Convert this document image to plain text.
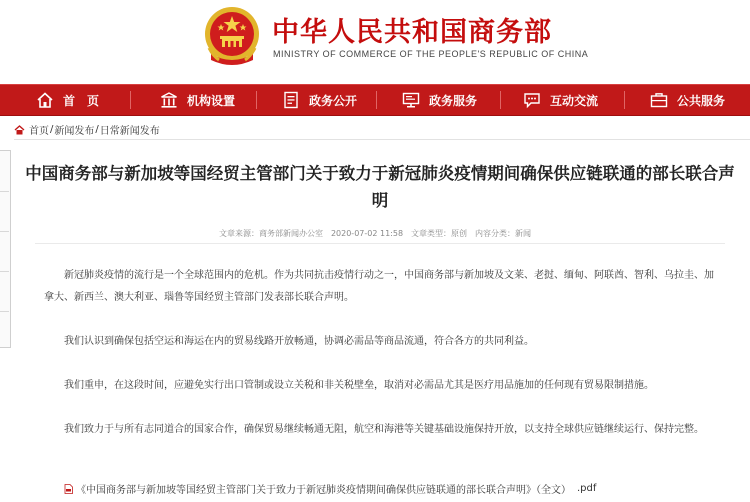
中华人民共和国商务部
MINISTRY OF COMMERCE OF THE PEOPLE'S REPUBLIC OF CHINA
首　页	机构设置	政务公开	政务服务	互动交流	公共服务
首页 / 新闻发布 / 日常新闻发布
中国商务部与新加坡等国经贸主管部门关于致力于新冠肺炎疫情期间确保供应链联通的部长联合声明
文章来源：商务部新闻办公室　2020-07-02 11:58　文章类型：原创　内容分类：新闻

新冠肺炎疫情的流行是一个全球范围内的危机。作为共同抗击疫情行动之一，中国商务部与新加坡及文莱、老挝、缅甸、阿联酋、智利、乌拉圭、加拿大、新西兰、澳大利亚、瑙鲁等国经贸主管部门发表部长联合声明。

我们认识到确保包括空运和海运在内的贸易线路开放畅通，协调必需品等商品流通，符合各方的共同利益。

我们重申，在这段时间，应避免实行出口管制或设立关税和非关税壁垒，取消对必需品尤其是医疗用品施加的任何现有贸易限制措施。

我们致力于与所有志同道合的国家合作，确保贸易继续畅通无阻，航空和海港等关键基础设施保持开放，以支持全球供应链继续运行、保持完整。

《中国商务部与新加坡等国经贸主管部门关于致力于新冠肺炎疫情期间确保供应链联通的部长联合声明》（全文） .pdf
